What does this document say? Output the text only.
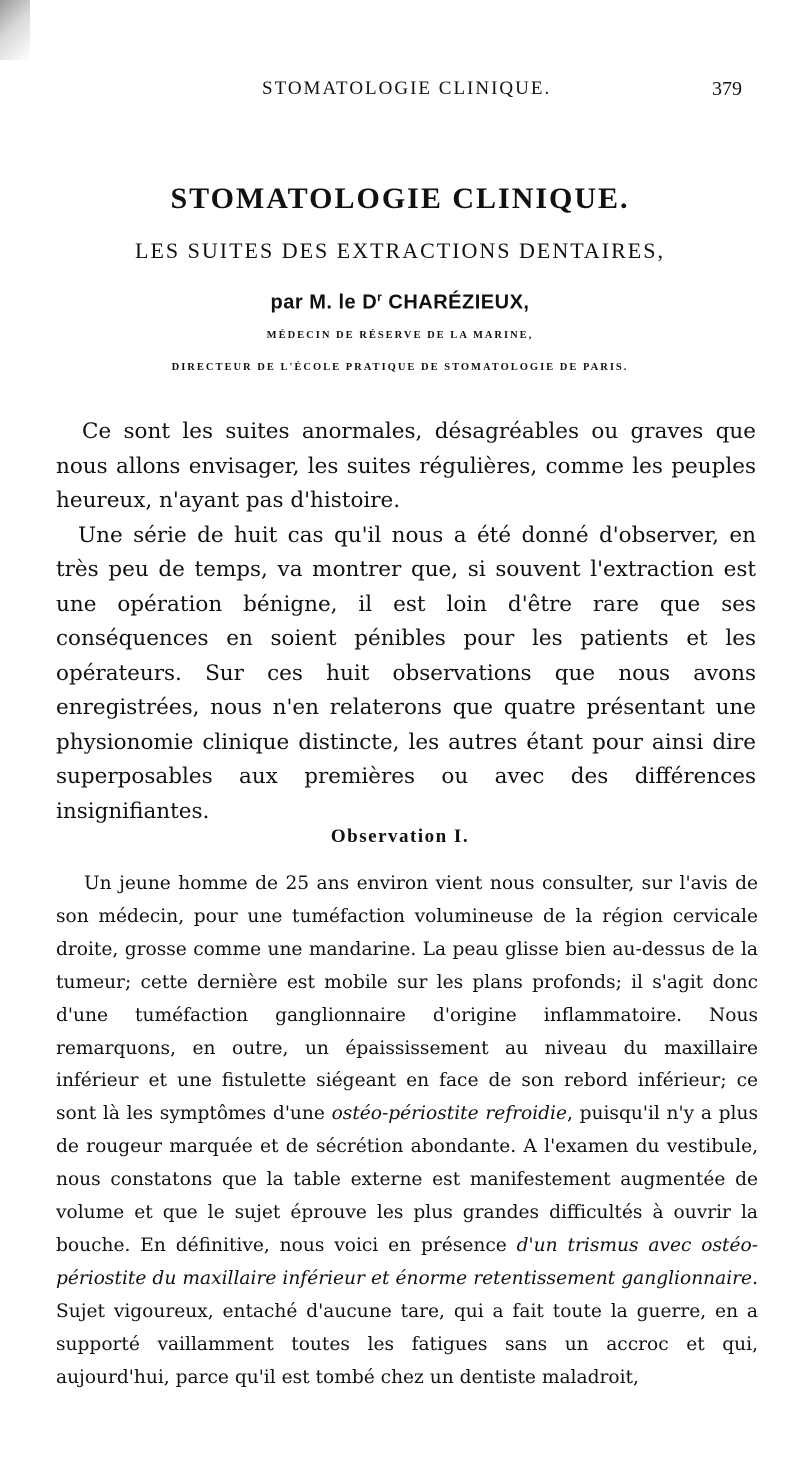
STOMATOLOGIE CLINIQUE.	379
STOMATOLOGIE CLINIQUE.
LES SUITES DES EXTRACTIONS DENTAIRES,
par M. le $D^r$ CHARÉZIEUX,
MÉDECIN DE RÉSERVE DE LA MARINE,
DIRECTEUR DE L'ÉCOLE PRATIQUE DE STOMATOLOGIE DE PARIS.

Ce sont les suites anormales, désagréables ou graves que nous allons envisager, les suites régulières, comme les peuples heureux, n'ayant pas d'histoire.

Une série de huit cas qu'il nous a été donné d'observer, en très peu de temps, va montrer que, si souvent l'extraction est une opération bénigne, il est loin d'être rare que ses conséquences en soient pénibles pour les patients et les opérateurs. Sur ces huit observations que nous avons enregistrées, nous n'en relaterons que quatre présentant une physionomie clinique distincte, les autres étant pour ainsi dire superposables aux premières ou avec des différences insignifiantes.

Observation I.

Un jeune homme de 25 ans environ vient nous consulter, sur l'avis de son médecin, pour une tuméfaction volumineuse de la région cervicale droite, grosse comme une mandarine. La peau glisse bien au-dessus de la tumeur; cette dernière est mobile sur les plans profonds; il s'agit donc d'une tuméfaction ganglionnaire d'origine inflammatoire. Nous remarquons, en outre, un épaississement au niveau du maxillaire inférieur et une fistulette siégeant en face de son rebord inférieur; ce sont là les symptômes d'une ostéo-périostite refroidie, puisqu'il n'y a plus de rougeur marquée et de sécrétion abondante. A l'examen du vestibule, nous constatons que la table externe est manifestement augmentée de volume et que le sujet éprouve les plus grandes difficultés à ouvrir la bouche. En définitive, nous voici en présence d'un trismus avec ostéo-périostite du maxillaire inférieur et énorme retentissement ganglionnaire. Sujet vigoureux, entaché d'aucune tare, qui a fait toute la guerre, en a supporté vaillamment toutes les fatigues sans un accroc et qui, aujourd'hui, parce qu'il est tombé chez un dentiste maladroit,
